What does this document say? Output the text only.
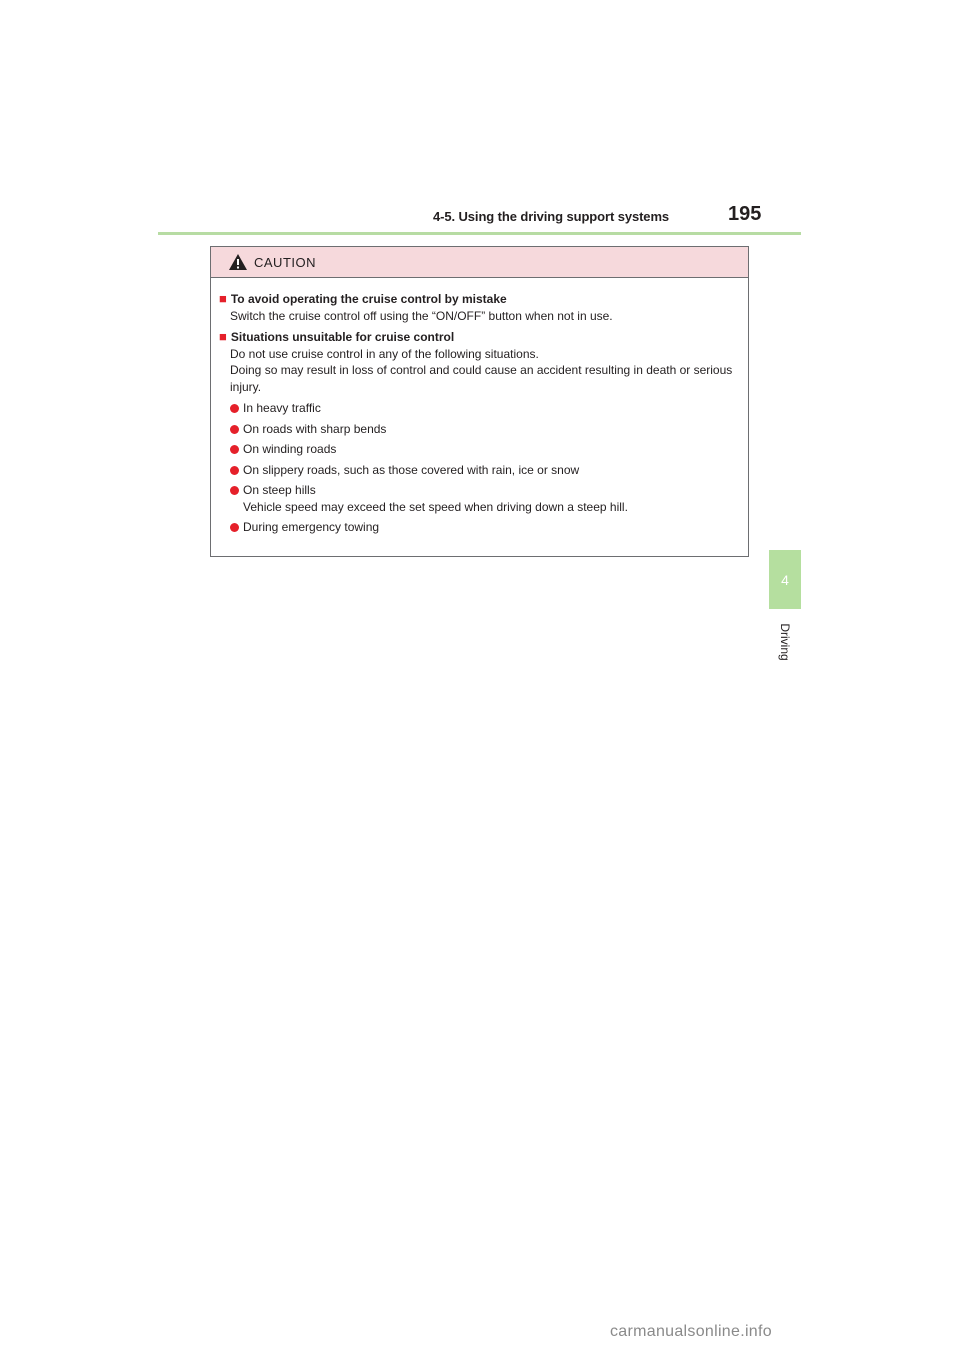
4-5. Using the driving support systems	195
4
Driving
CAUTION
■ To avoid operating the cruise control by mistake
Switch the cruise control off using the “ON/OFF” button when not in use.
■ Situations unsuitable for cruise control
Do not use cruise control in any of the following situations.
Doing so may result in loss of control and could cause an accident resulting in death or serious injury.
In heavy traffic
On roads with sharp bends
On winding roads
On slippery roads, such as those covered with rain, ice or snow
On steep hills
Vehicle speed may exceed the set speed when driving down a steep hill.
During emergency towing
carmanualsonline.info
